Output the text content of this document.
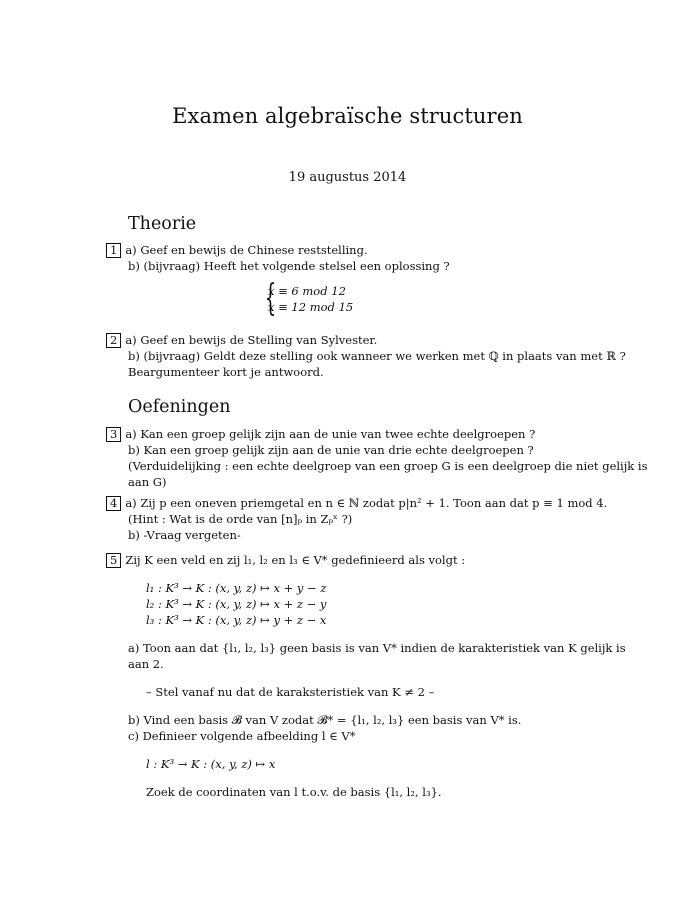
Examen algebraïsche structuren
19 augustus 2014
Theorie
1 a) Geef en bewijs de Chinese reststelling.
b) (bijvraag) Heeft het volgende stelsel een oplossing ?
{
x ≡ 6 mod 12
x ≡ 12 mod 15
2 a) Geef en bewijs de Stelling van Sylvester.
b) (bijvraag) Geldt deze stelling ook wanneer we werken met ℚ in plaats van met ℝ ?
Beargumenteer kort je antwoord.
Oefeningen
3 a) Kan een groep gelijk zijn aan de unie van twee echte deelgroepen ?
b) Kan een groep gelijk zijn aan de unie van drie echte deelgroepen ?
(Verduidelijking : een echte deelgroep van een groep G is een deelgroep die niet gelijk is
aan G)
4 a) Zij p een oneven priemgetal en n ∈ ℕ zodat p|n² + 1. Toon aan dat p ≡ 1 mod 4.
(Hint : Wat is de orde van [n]ₚ in Zₚˣ ?)
b) -Vraag vergeten-
5 Zij K een veld en zij l₁, l₂ en l₃ ∈ V* gedefinieerd als volgt :
l₁ : K³ → K : (x, y, z) ↦ x + y − z
l₂ : K³ → K : (x, y, z) ↦ x + z − y
l₃ : K³ → K : (x, y, z) ↦ y + z − x
a) Toon aan dat {l₁, l₂, l₃} geen basis is van V* indien de karakteristiek van K gelijk is
aan 2.
– Stel vanaf nu dat de karaksteristiek van K ≠ 2 –
b) Vind een basis 𝓑 van V zodat 𝓑* = {l₁, l₂, l₃} een basis van V* is.
c) Definieer volgende afbeelding l ∈ V*
l : K³ → K : (x, y, z) ↦ x
Zoek de coordinaten van l t.o.v. de basis {l₁, l₂, l₃}.
